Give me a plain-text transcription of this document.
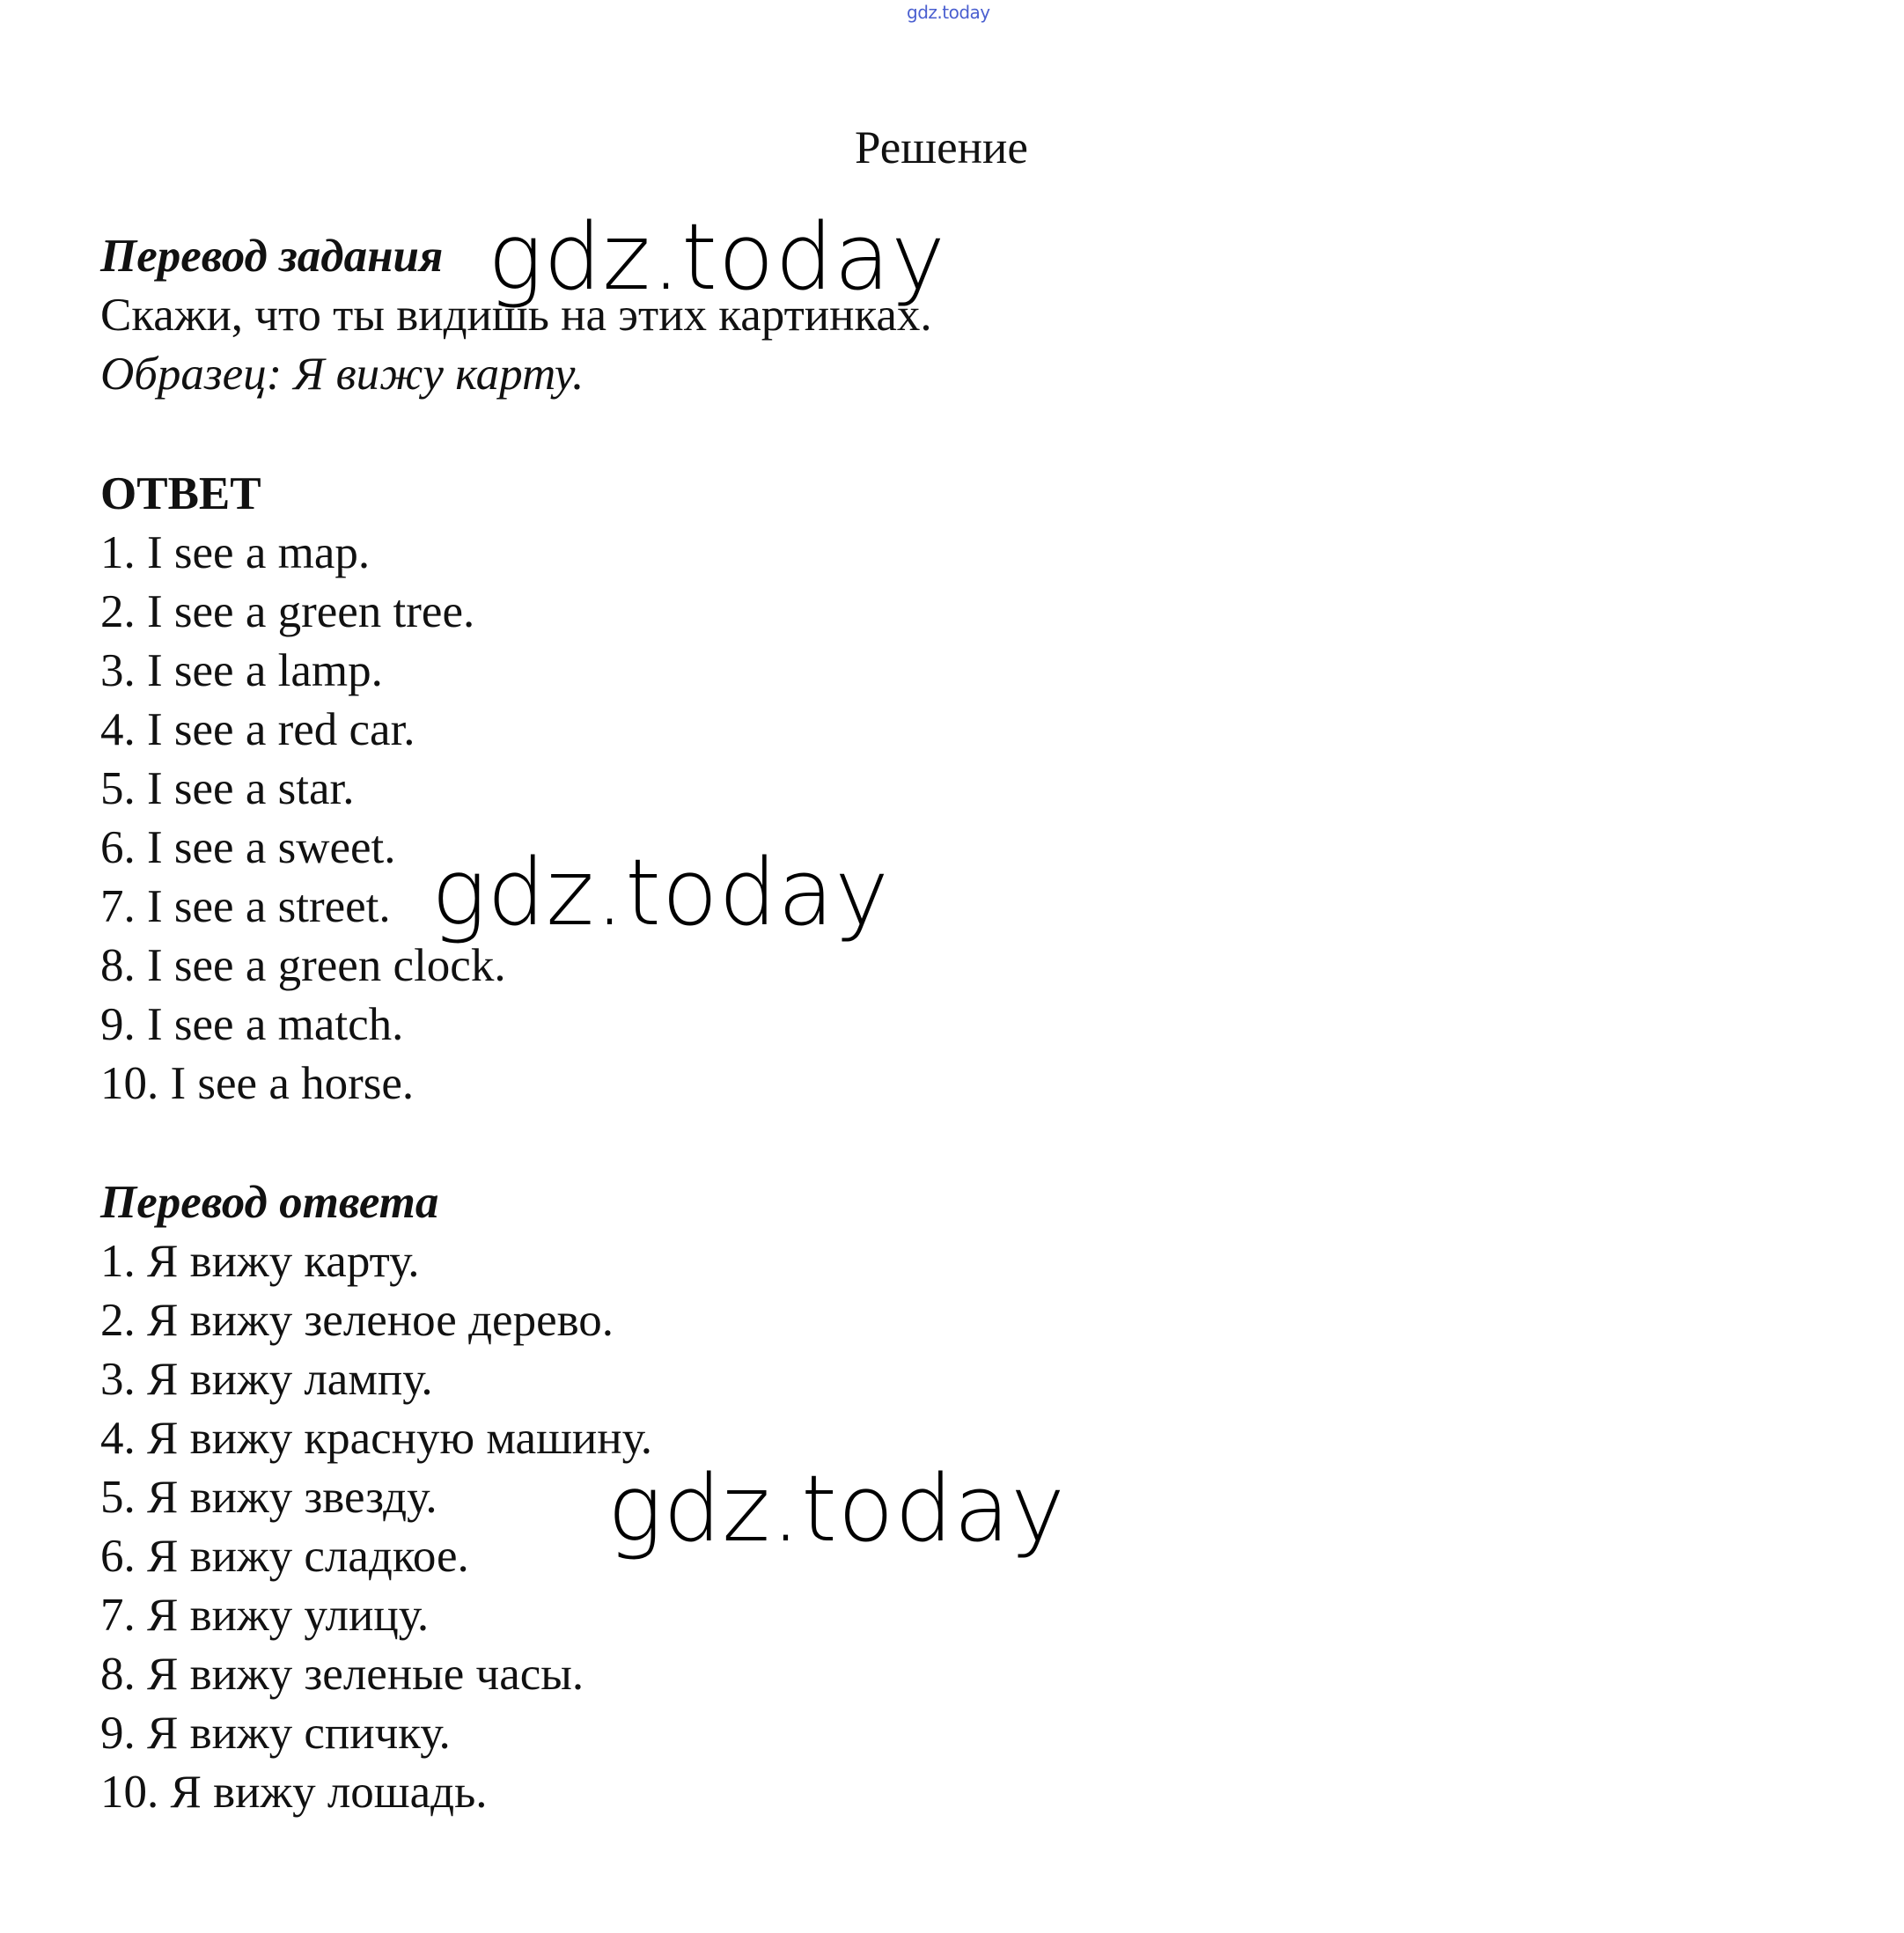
gdz.today
Решение
Перевод задания
Скажи, что ты видишь на этих картинках.
Образец: Я вижу карту.
ОТВЕТ
1. I see a map.
2. I see a green tree.
3. I see a lamp.
4. I see a red car.
5. I see a star.
6. I see a sweet.
7. I see a street.
8. I see a green clock.
9. I see a match.
10. I see a horse.
Перевод ответа
1. Я вижу карту.
2. Я вижу зеленое дерево.
3. Я вижу лампу.
4. Я вижу красную машину.
5. Я вижу звезду.
6. Я вижу сладкое.
7. Я вижу улицу.
8. Я вижу зеленые часы.
9. Я вижу спичку.
10. Я вижу лошадь.
gdz.today
gdz.today
gdz.today
